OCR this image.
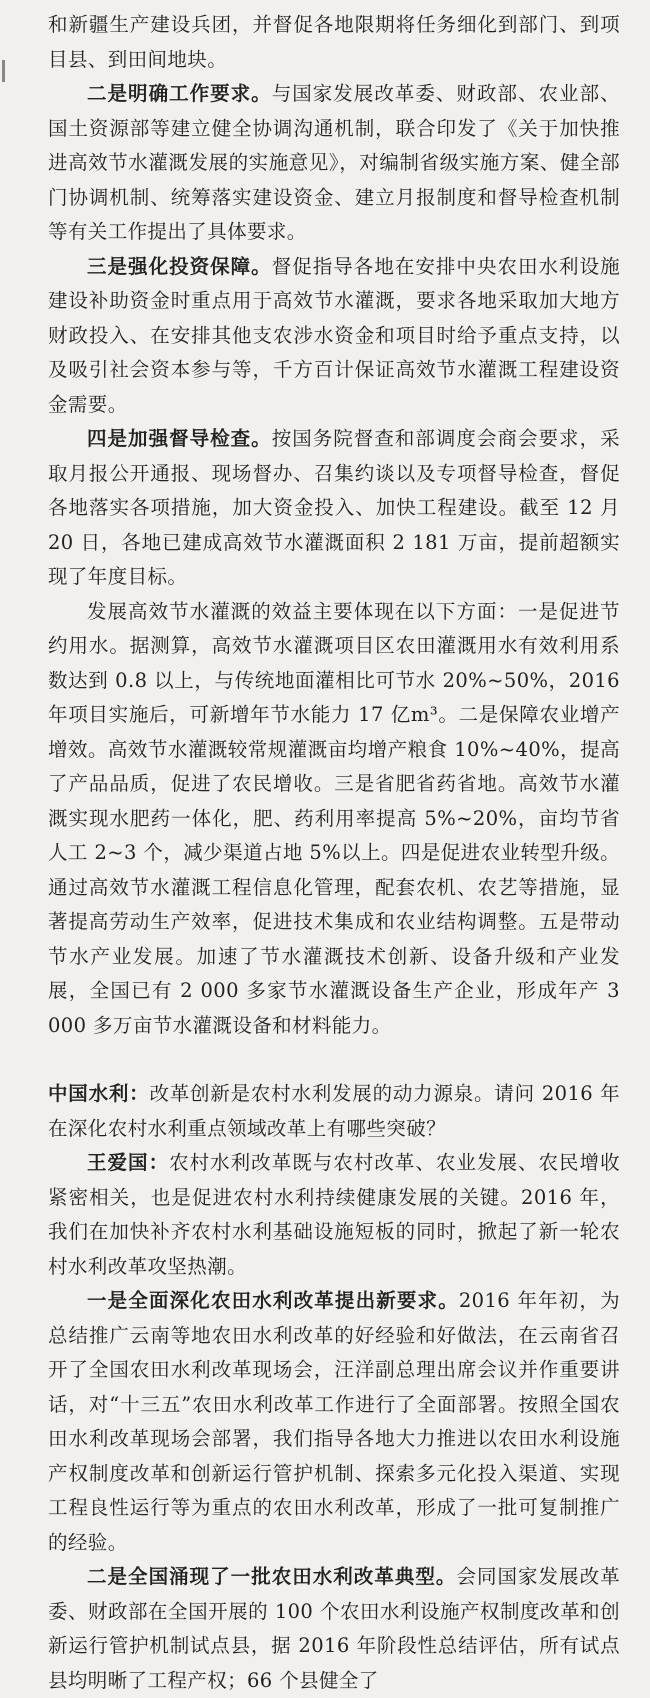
和新疆生产建设兵团，并督促各地限期将任务细化到部门、到项目县、到田间地块。

二是明确工作要求。与国家发展改革委、财政部、农业部、国土资源部等建立健全协调沟通机制，联合印发了《关于加快推进高效节水灌溉发展的实施意见》，对编制省级实施方案、健全部门协调机制、统筹落实建设资金、建立月报制度和督导检查机制等有关工作提出了具体要求。

三是强化投资保障。督促指导各地在安排中央农田水利设施建设补助资金时重点用于高效节水灌溉，要求各地采取加大地方财政投入、在安排其他支农涉水资金和项目时给予重点支持，以及吸引社会资本参与等，千方百计保证高效节水灌溉工程建设资金需要。

四是加强督导检查。按国务院督查和部调度会商会要求，采取月报公开通报、现场督办、召集约谈以及专项督导检查，督促各地落实各项措施，加大资金投入、加快工程建设。截至 12 月 20 日，各地已建成高效节水灌溉面积 2 181 万亩，提前超额实现了年度目标。

发展高效节水灌溉的效益主要体现在以下方面：一是促进节约用水。据测算，高效节水灌溉项目区农田灌溉用水有效利用系数达到 0.8 以上，与传统地面灌相比可节水 20%~50%，2016 年项目实施后，可新增年节水能力 17 亿m³。二是保障农业增产增效。高效节水灌溉较常规灌溉亩均增产粮食 10%~40%，提高了产品品质，促进了农民增收。三是省肥省药省地。高效节水灌溉实现水肥药一体化，肥、药利用率提高 5%~20%，亩均节省人工 2~3 个，减少渠道占地 5%以上。四是促进农业转型升级。通过高效节水灌溉工程信息化管理，配套农机、农艺等措施，显著提高劳动生产效率，促进技术集成和农业结构调整。五是带动节水产业发展。加速了节水灌溉技术创新、设备升级和产业发展，全国已有 2 000 多家节水灌溉设备生产企业，形成年产 3 000 多万亩节水灌溉设备和材料能力。

中国水利：改革创新是农村水利发展的动力源泉。请问 2016 年在深化农村水利重点领域改革上有哪些突破？

王爱国：农村水利改革既与农村改革、农业发展、农民增收紧密相关，也是促进农村水利持续健康发展的关键。2016 年，我们在加快补齐农村水利基础设施短板的同时，掀起了新一轮农村水利改革攻坚热潮。

一是全面深化农田水利改革提出新要求。2016 年年初，为总结推广云南等地农田水利改革的好经验和好做法，在云南省召开了全国农田水利改革现场会，汪洋副总理出席会议并作重要讲话，对“十三五”农田水利改革工作进行了全面部署。按照全国农田水利改革现场会部署，我们指导各地大力推进以农田水利设施产权制度改革和创新运行管护机制、探索多元化投入渠道、实现工程良性运行等为重点的农田水利改革，形成了一批可复制推广的经验。

二是全国涌现了一批农田水利改革典型。会同国家发展改革委、财政部在全国开展的 100 个农田水利设施产权制度改革和创新运行管护机制试点县，据 2016 年阶段性总结评估，所有试点县均明晰了工程产权；66 个县健全了
